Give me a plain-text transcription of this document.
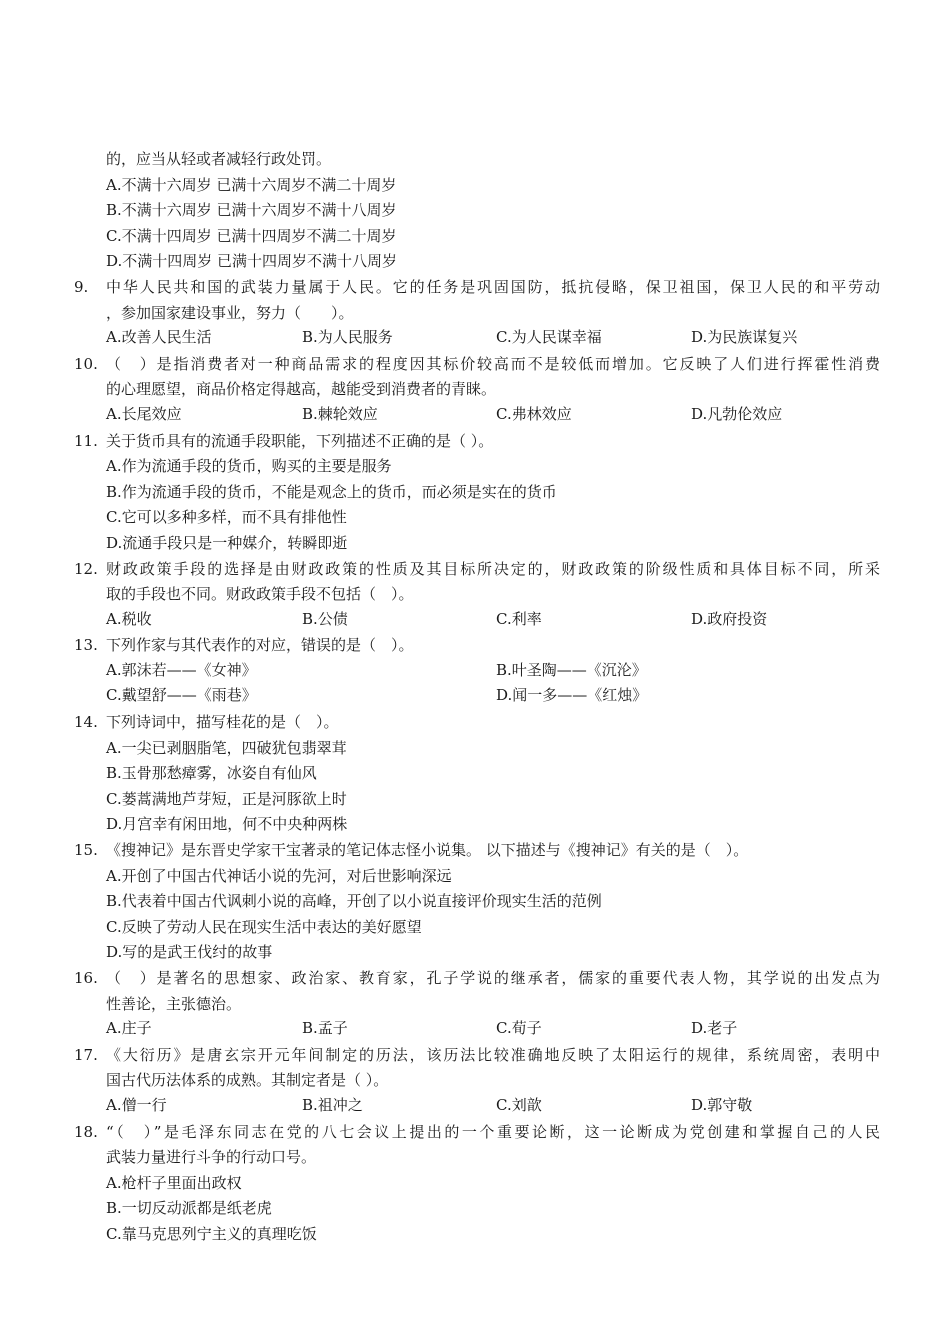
的，应当从轻或者减轻行政处罚。
A.不满十六周岁 已满十六周岁不满二十周岁
B.不满十六周岁 已满十六周岁不满十八周岁
C.不满十四周岁 已满十四周岁不满二十周岁
D.不满十四周岁 已满十四周岁不满十八周岁
9.	中华人民共和国的武装力量属于人民。它的任务是巩固国防，抵抗侵略，保卫祖国，保卫人民的和平劳动
，参加国家建设事业，努力（　　）。
A.改善人民生活	B.为人民服务	C.为人民谋幸福	D.为民族谋复兴
10. （　）是指消费者对一种商品需求的程度因其标价较高而不是较低而增加。它反映了人们进行挥霍性消费
的心理愿望，商品价格定得越高，越能受到消费者的青睐。
A.长尾效应	B.棘轮效应	C.弗林效应	D.凡勃伦效应
11. 关于货币具有的流通手段职能，下列描述不正确的是（ ）。
A.作为流通手段的货币，购买的主要是服务
B.作为流通手段的货币，不能是观念上的货币，而必须是实在的货币
C.它可以多种多样，而不具有排他性
D.流通手段只是一种媒介，转瞬即逝
12. 财政政策手段的选择是由财政政策的性质及其目标所决定的，财政政策的阶级性质和具体目标不同，所采
取的手段也不同。财政政策手段不包括（　）。
A.税收	B.公债	C.利率	D.政府投资
13. 下列作家与其代表作的对应，错误的是（　）。
A.郭沫若——《女神》	B.叶圣陶——《沉沦》
C.戴望舒——《雨巷》	D.闻一多——《红烛》
14. 下列诗词中，描写桂花的是（　）。
A.一尖已剥胭脂笔，四破犹包翡翠茸
B.玉骨那愁瘴雾，冰姿自有仙风
C.蒌蒿满地芦芽短，正是河豚欲上时
D.月宫幸有闲田地，何不中央种两株
15. 《搜神记》是东晋史学家干宝著录的笔记体志怪小说集。 以下描述与《搜神记》有关的是（　）。
A.开创了中国古代神话小说的先河，对后世影响深远
B.代表着中国古代讽刺小说的高峰，开创了以小说直接评价现实生活的范例
C.反映了劳动人民在现实生活中表达的美好愿望
D.写的是武王伐纣的故事
16. （　）是著名的思想家、政治家、教育家，孔子学说的继承者，儒家的重要代表人物，其学说的出发点为
性善论，主张德治。
A.庄子	B.孟子	C.荀子	D.老子
17. 《大衍历》是唐玄宗开元年间制定的历法，该历法比较准确地反映了太阳运行的规律，系统周密，表明中
国古代历法体系的成熟。其制定者是（ ）。
A.僧一行	B.祖冲之	C.刘歆	D.郭守敬
18. “（　）”是毛泽东同志在党的八七会议上提出的一个重要论断，这一论断成为党创建和掌握自己的人民
武装力量进行斗争的行动口号。
A.枪杆子里面出政权
B.一切反动派都是纸老虎
C.靠马克思列宁主义的真理吃饭
